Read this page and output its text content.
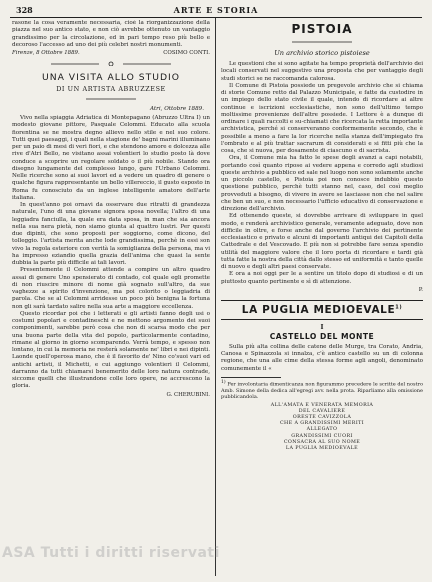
328	ARTE E STORIA

rasone la cosa veramente necessaria, cioè la riorganizzazione della piazza nel suo antico stato, e non ciò avrebbe ottenuto un vantaggio grandissimo per la circolazione, ed in pari tempo reso più bello e decoroso l'accesso ad uno dei più celebri nostri monumenti.

Firenze, 8 Ottobre 1889.	COSIMO CONTI.
UNA VISITA ALLO STUDIO
DI UN ARTISTA ABRUZZESE
Atri, Ottobre 1889.

Vivo nella spiaggia Adriatica di Montepagano (Abruzzo Ultra I) un modesto giovane pittore, Pasquale Celommi. Educato alla scuola fiorentina se ne mostra degno allievo nello stile e nel suo colore. Tutti quei paesaggi, i quali nella stagione de' bagni marini illuminano per un paio di mesi di veri fiori, e che stendono amore e dolcezza alle rive d'Atri Bello, ne visitano assai volentieri lo studio posto là dove conduce a scoprire un regolare soldato o il più nobile. Stando ora disegno lungamente del complesso lungo, gare l'Urbano Celommi. Nelle ricerche sono ai suoi lavori ed a vedere un quadro di genere o qualche figura rappresentante un bello villereccio, il gusto esposto in Roma fu conosciuto da un inglese intelligente amatore dell'arte italiana.

In quest'anno poi ornavi da osservare due ritratti di grandezza naturale, l'uno di una giovane signora sposa novella; l'altro di una leggiadra fanciulla, la quale era data sposa, in man che sia ancora nella sua nera pietà, non siamo giunta al quattro lustri. Per questi due dipinti, che sono proposti per soggiorno, come dicono, del tolleggio. l'artista merita anche lode grandissima, perchè in essi son vivo la regola esteriore con verità la somiglianza della persona, ma vi ha impresso eziandio quella grazia dell'anima che quasi la sente dubbia la parte più difficile ai tali lavori.

Presentemente il Celommi attende a compire un altro quadro assai di genere Uno spensierato di contado, col quale egli promette di non riuscire minore di nome già sognato sull'altro, da sue vaghezze a spirito d'invenzione, ma poi colorito o leggiadria di parola. Che se al Celommi arridesse un poco più benigna la fortuna non gli sarà tardato salire nella sua arte a maggiore eccellenza.

Questo ricordar poi che i letterati e gli artisti fanno degli usi o costumi popolari e contadineschi e ne mettono argomento dei suoi componimenti, sarebbe però cosa che non di scarsa modo che per una buona parte della vita del popolo, particolarmente contadino, rimane al giorno in giorno scomparendo. Verrà tempo, e spesso non lontano, in cui la memoria ne resterà solamente ne' libri e nei dipinti. Laonde quell'operosa mano, che è il favorito de' Nino co'suoi vari ed antichi artisti, il Michetti, e cui aggiungo volentieri il Celommi, darranno da tutti chiamarsi benemerito delle loro natura contrade, siccome quelli che illustrandone colle loro opere, ne accrescono la gloria.

G. CHERUBINI.
PISTOIA
Un archivio storico pistoiese

Le questioni che si sono agitate ha tempo proprietà dell'archivio dei locali conservati nel suggestivo una proposta che per vantaggio degli studi storici se ne raccomanda calorosa.

Il Comune di Pistoia possiede un pregevole archivio che si chiama di storie Comune retto dal Palazzo Municipale, e fatte da custodire in un impiego dello stato civile il quale, intendo di ricordare ai altre continue e iscrizioni ecclesiastiche, non sono dell'ultimo tempo moltissime provenienze dell'altre possiede. I Lettore è a dunque di ordinare i quali raccolti e su-chiamati che ricercata la retta importante archivistica, perché si conserveranno conformemente secondo, che è possibile a meno a fare la lor ricerche nella stanza dell'impiegato fra l'ombrato e al più trattar sacrarum di considerati e si fitti più che la cosa, che si nuova, per dosamente di ciascuno e di sacrista.

Ora, il Comune mia ha fatto le spese degli avanzi a capi notabili, portando così quanto ripose ai vedere appena e corredo agli studiosi queste archivio a pubblico ed sale nel luogo non sono solamente anche un piccolo castello, e Pistoia poi non conosce indubbio questo questione pubblico, perchè tutti stanno nel, caso, del così meglio provveduti a bisogno, di vivere in avere se lasciasse non che nel salire che ben un suo, e non necessario l'ufficio educativo di conservazione e direzione dell'archivio.

Ed ottenendo queste, si dovrebbe arrivare di sviluppare in quel modo, e renderà archivistico generale, veramente adeguato, dove non difficile in oltre, e forse anche dal governo l'archivio dei pertinente ecclesiastico e privato e alcuni di importanti antiqui dei Capitoli della Cattedrale e del Vescovado. E più non si potrebbe fare senza spendio utilità del maggiore valore che il loro porta di ricordare e tardi già tutta fatte la nostra della città dallo stesso ed uniformità e tanto quelle di nuovo e degli altri paesi conservate.

E ora a noi oggi per le a sentire un titolo dopo di studiosi e di un piuttosto quanto pertinente e sì di attenzione.

P.
LA PUGLIA MEDIOEVALE$^{1)}$
I
CASTELLO DEL MONTE

Sulla più alta collina delle catene delle Murge, tra Corato, Andria, Canosa e Spinazzola si innalza, c'è antico castello su un di colonna regione, che una alle cime della stessa forme agli angoli, denominato comunemente il «

1) Per involontaria dimenticanza non figurammo precedere le scritte del nostro Amb. Simone della dedica all'egregi avv. nella prota. Riparliamo alla omissione pubblicandola.
ALL'AMATA E VENERATA MEMORIA
DEL CAVALIERE
ORESTE CAVIZZOLA
CHE A GRANDISSIMI MERITI
ALLEGATO
GRANDISSIMI CUORI
CONSACRA AL SUO NOME
LA PUGLIA MEDIOEVALE
ASA Tutti i diritti riservati
